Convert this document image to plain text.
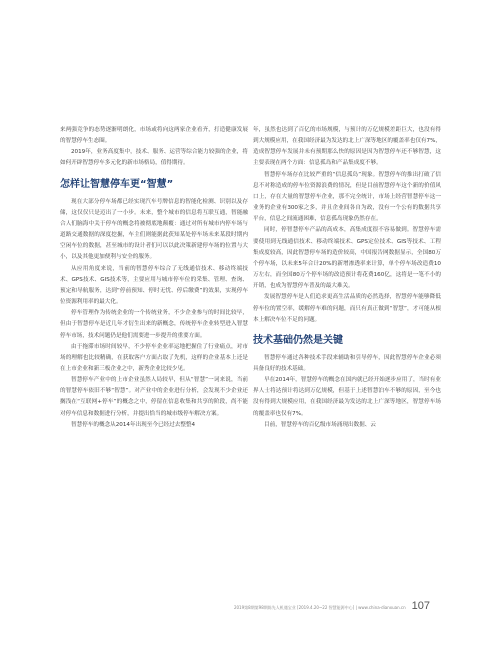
来两强竞争的态势逐渐明朗化，市场或将向这两家企业看齐，打造健康发展的智慧停车生态圈。

2019年，业务高度集中，技术、服务、运营等综合能力较强的企业，将如何开辟智慧停车多元化的新市场格局，值得期待。

怎样让智慧停车更“智慧”

现在大部分停车场都已经实现汽车号牌信息的智能化检测、识别以及存储，这仅仅只是迈出了一小步。未来，整个城市的信息将互联互通，智能融合人们脑海中关于停车的概念将被彻底地颠覆：通过对所有城市内停车场与道路交通数据的深度挖掘，车主们则能据此获知某处停车场未来某段时期内空闲车位的数据，甚至城市的设计者们可以以此决策新建停车场的位置与大小，以及其他更加便利与安全的服务。

从应用角度来说，当前的智慧停车综合了无线通信技术、移动终端技术、GPS技术、GIS技术等，主要应用与城市停车位的采集、管理、查询、预定和导航服务，达到“停前预知、停时无忧、停后缴费”的效果，实现停车位资源利用率的最大化。

停车管理作为传统企业的一个传统业务，不少企业参与的时间比较早，但由于智慧停车是近几年才衍生出来的新概念，传统停车企业转型进入智慧停车市场，技术问题仍是他们需要进一步提升的重要方面。

由于拖滞市场时间较早，不少停车企业率运地把握住了行业痛点，对市场的理解也比较精确，在获取客户方面占取了先机，这样的企业基本上还是在上市企业和新三板企业之中，新秀企业比较少见。

智慧停车产业中的上市企业虽然人局较早，但从“智慧”一词来说，当前的智慧停车依旧不够“智慧”。对产业中的企业进行分析，会发现不少企业还搁浅在“互联网+停车”的概念之中，停留在信息收集和共享的阶段，尚不能对停车信息和数据进行分析，并提出恰当的城市级停车解决方案。

智慧停车的概念从2014年出现至今已经过去整整4

年，虽然也达到了百亿的市场规模，与预计的万亿规模差距巨大，也没有得到大规模应用，在我国经济最为发达的北上广深等地区的覆盖率也仅有7%，造成智慧停车发展并未有预期那么快的原因是因为智慧停车还不够智慧，这主要表现在两个方面：信息孤岛和产品集成度不够。

智慧停车场存在比较严重的“信息孤岛”现象。智慧停车的推出打破了信息不对称造成的停车位资源浪费的情况，但是目前智慧停车这个新的价值风口上，存在大量的智慧停车企业，那不完全统计，市场上经营智慧停车这一业务的企业有300家之多，并且企业间各自为政，没有一个公有的数据共享平台，信息之间流通困难，信息孤岛现象仍然存在。

同时，停智慧停车产品的高成本，高集成度很不容易做到。智慧停车需要使用到无线通信技术、移动终端技术、GPS定位技术、GIS等技术、工程集成度较高，因此智慧停车场的造价较高，中国报告网数据显示，全国80万个停车场，以未来5年合计20%的新增渗透率来计算，单个停车场改造费10万左右，而全国80万个停车场的改造预计将花费160亿，这将是一笔不小的开销，也成为智慧停车普及的最大难关。

发展智慧停车是人们追求更高生活品质的必然选择，智慧停车能够降低停车位的置空率，缓解停车难的问题，而只有真正做到“智慧”，才可能从根本上解决车位不足的问题。

技术基础仍然是关键

智慧停车通过各种技术手段来辅助和引导停车，因此智慧停车企业必须具备良好的技术基础。

早在2014年，智慧停车的概念在国内就已经开始逐步应用了，当时有业界人士将达预计将达到万亿规模，但基于上述智慧泊车不够的原因，至今也没有得到大规模应用，在我国经济最为发达的北上广深等地区，智慧停车场的覆盖率也仅有7%。

目前，智慧停车的百亿级市场涌现出数据、云

2019第8期第98期陈先人机遇宝业 [2019.4.20~22 智慧能源中心] | www.china-dianxuan.cn 107
